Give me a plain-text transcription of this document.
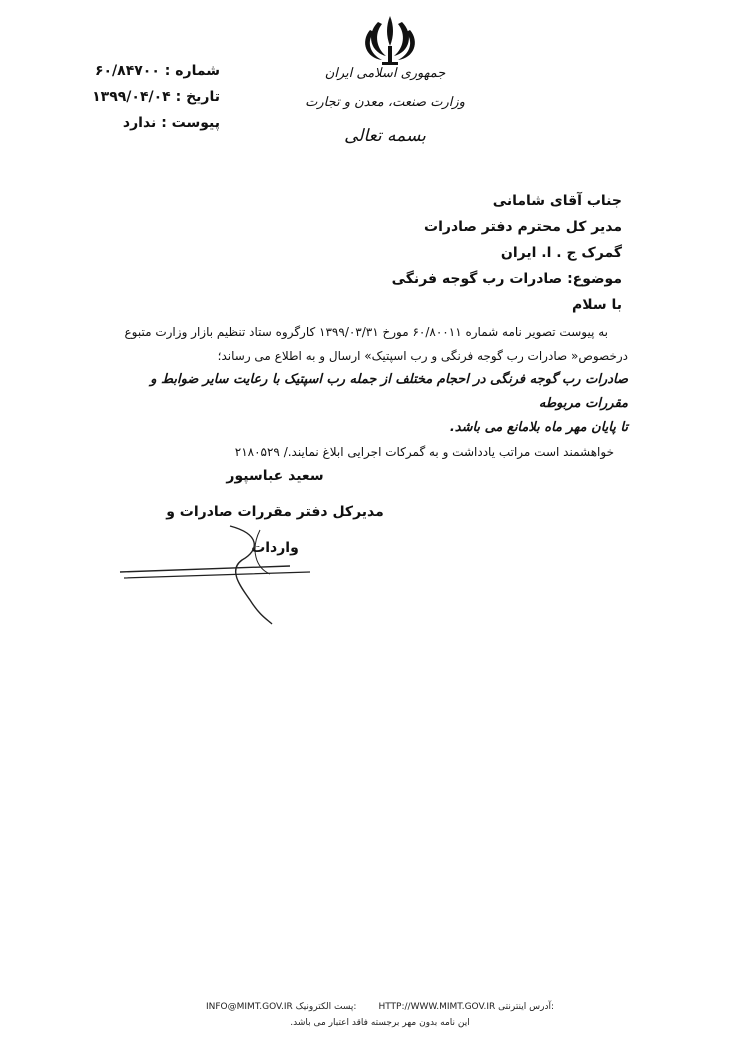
جمهوری اسلامی ایران
وزارت صنعت، معدن و تجارت
بسمه تعالی
شماره : ۶۰/۸۴۷۰۰
تاریخ : ۱۳۹۹/۰۴/۰۴
پیوست : ندارد
جناب آقای شامانی
مدیر کل محترم دفتر صادرات
گمرک ج . ا. ایران
موضوع: صادرات رب گوجه فرنگی
با سلام
به پیوست تصویر نامه شماره ۶۰/۸۰۰۱۱ مورخ ۱۳۹۹/۰۳/۳۱ کارگروه ستاد تنظیم بازار وزارت متبوع
درخصوص« صادرات رب گوجه فرنگی و رب اسپتیک» ارسال و به اطلاع می رساند؛
صادرات رب گوجه فرنگی در احجام مختلف از جمله رب اسپتیک با رعایت سایر ضوابط و مقررات مربوطه
تا پایان مهر ماه بلامانع می باشد.
خواهشمند است مراتب یادداشت و به گمرکات اجرایی ابلاغ نمایند./ ۲۱۸۰۵۲۹
سعید عباسپور
مدیرکل دفتر مقررات صادرات و واردات
INFO@MIMT.GOV.IR پست الکترونیک: HTTP://WWW.MIMT.GOV.IR آدرس اینترنتی:
این نامه بدون مهر برجسته فاقد اعتبار می باشد.
